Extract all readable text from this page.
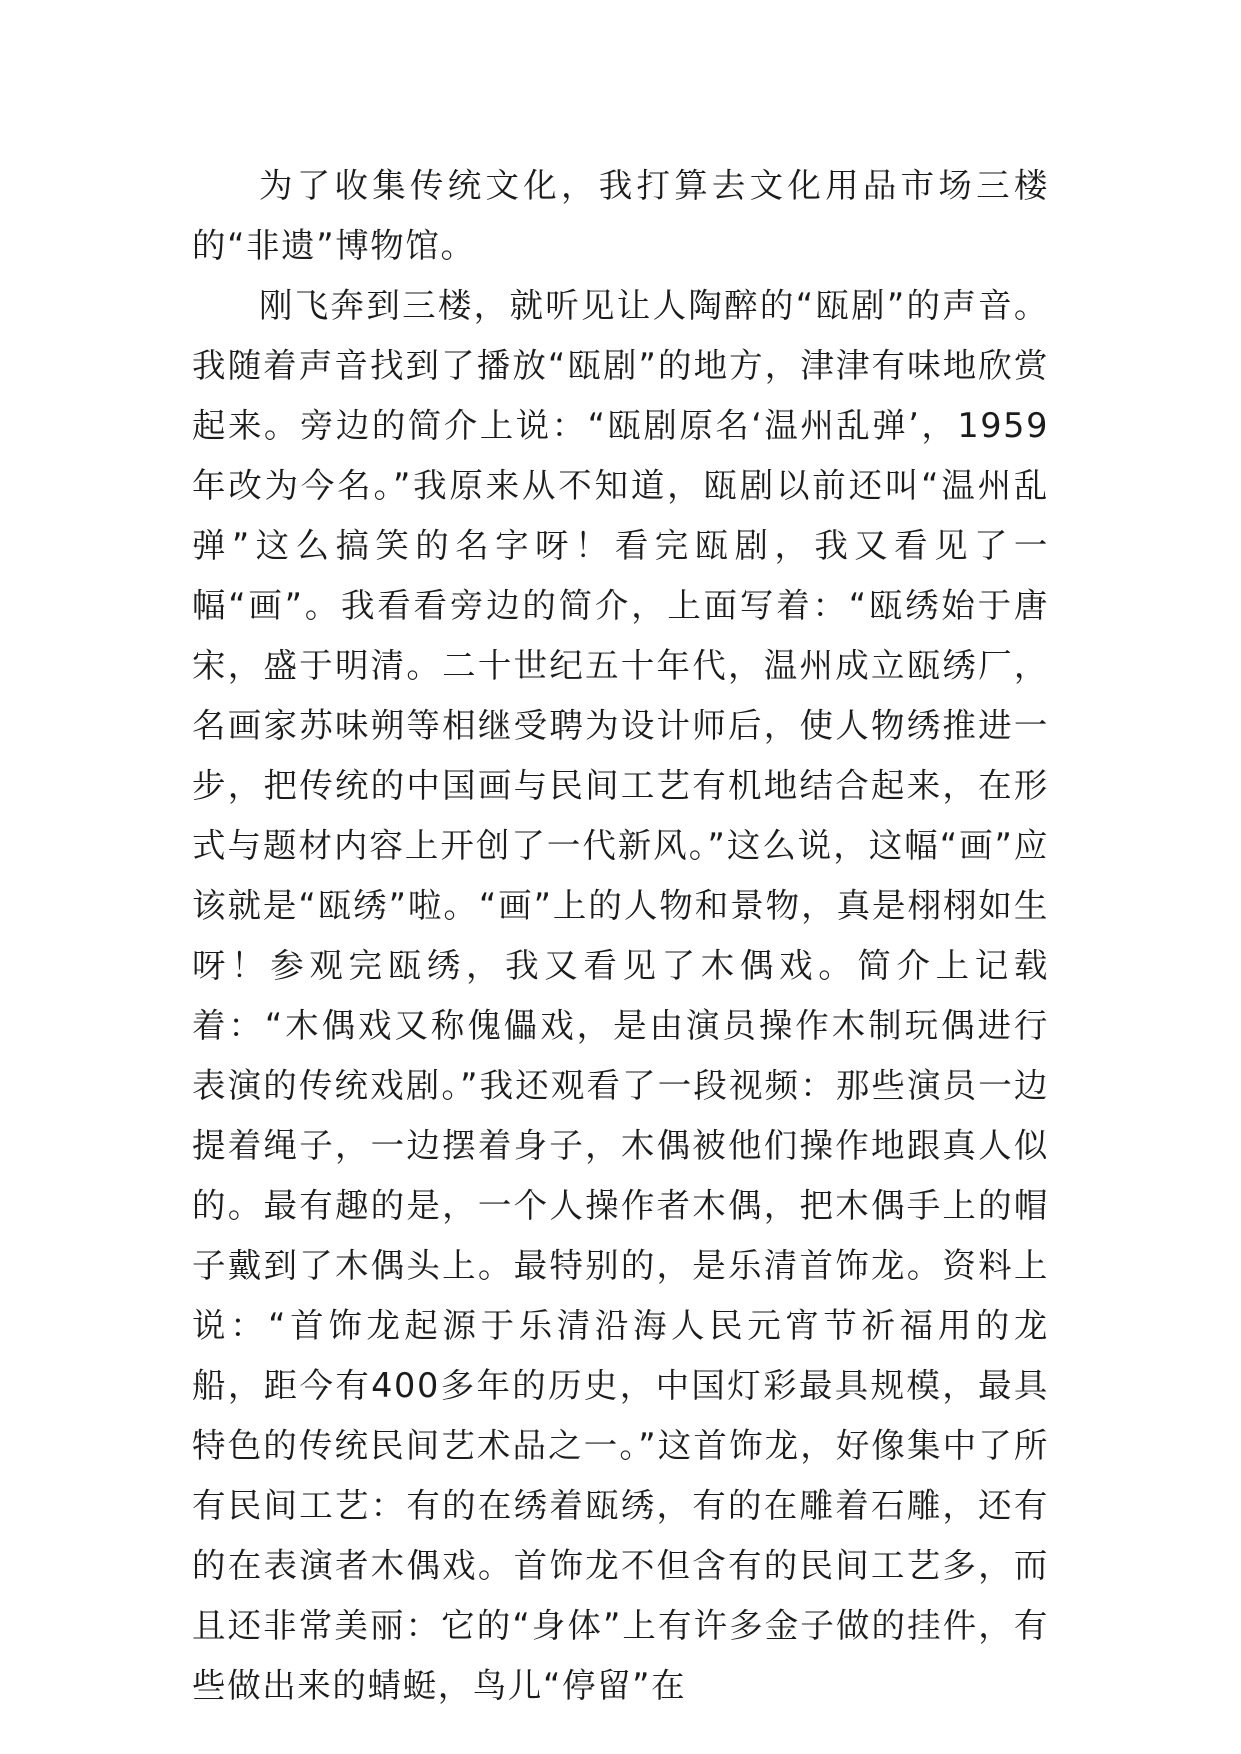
为了收集传统文化，我打算去文化用品市场三楼的“非遗”博物馆。

刚飞奔到三楼，就听见让人陶醉的“瓯剧”的声音。我随着声音找到了播放“瓯剧”的地方，津津有味地欣赏起来。旁边的简介上说：“瓯剧原名‘温州乱弹’，1959年改为今名。”我原来从不知道，瓯剧以前还叫“温州乱弹”这么搞笑的名字呀！看完瓯剧，我又看见了一幅“画”。我看看旁边的简介，上面写着：“瓯绣始于唐宋，盛于明清。二十世纪五十年代，温州成立瓯绣厂，名画家苏味朔等相继受聘为设计师后，使人物绣推进一步，把传统的中国画与民间工艺有机地结合起来，在形式与题材内容上开创了一代新风。”这么说，这幅“画”应该就是“瓯绣”啦。“画”上的人物和景物，真是栩栩如生呀！参观完瓯绣，我又看见了木偶戏。简介上记载着：“木偶戏又称傀儡戏，是由演员操作木制玩偶进行表演的传统戏剧。”我还观看了一段视频：那些演员一边提着绳子，一边摆着身子，木偶被他们操作地跟真人似的。最有趣的是，一个人操作者木偶，把木偶手上的帽子戴到了木偶头上。最特别的，是乐清首饰龙。资料上说：“首饰龙起源于乐清沿海人民元宵节祈福用的龙船，距今有400多年的历史，中国灯彩最具规模，最具特色的传统民间艺术品之一。”这首饰龙，好像集中了所有民间工艺：有的在绣着瓯绣，有的在雕着石雕，还有的在表演者木偶戏。首饰龙不但含有的民间工艺多，而且还非常美丽：它的“身体”上有许多金子做的挂件，有些做出来的蜻蜓，鸟儿“停留”在
